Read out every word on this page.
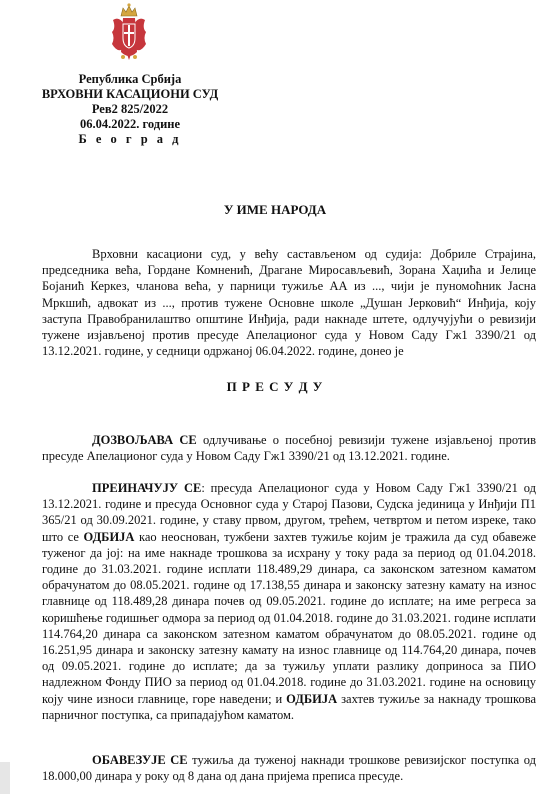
Република Србија
ВРХОВНИ КАСАЦИОНИ СУД
Рев2 825/2022
06.04.2022. године
Б е о г р а д
У ИМЕ НАРОДА

Врховни касациони суд, у већу састављеном од судија: Добриле Страјина, председника већа, Гордане Комненић, Драгане Миросављевић, Зорана Хаџића и Јелице Бојанић Керкез, чланова већа, у парници тужиље АА из ..., чији је пуномоћник Јасна Мркшић, адвокат из ..., против тужене Основне школе „Душан Јерковић“ Инђија, коју заступа Правобранилаштво општине Инђија, ради накнаде штете, одлучујући о ревизији тужене изјављеној против пресуде Апелационог суда у Новом Саду Гж1 3390/21 од 13.12.2021. године, у седници одржаној 06.04.2022. године, донео је

П Р Е С У Д У

ДОЗВОЉАВА СЕ одлучивање о посебној ревизији тужене изјављеној против пресуде Апелационог суда у Новом Саду Гж1 3390/21 од 13.12.2021. године.

ПРЕИНАЧУЈУ СЕ: пресуда Апелационог суда у Новом Саду Гж1 3390/21 од 13.12.2021. године и пресуда Основног суда у Старој Пазови, Судска јединица у Инђији П1 365/21 од 30.09.2021. године, у ставу првом, другом, трећем, четвртом и петом изреке, тако што се ОДБИЈА као неоснован, тужбени захтев тужиље којим је тражила да суд обавеже туженог да јој: на име накнаде трошкова за исхрану у току рада за период од 01.04.2018. године до 31.03.2021. године исплати 118.489,29 динара, са законском затезном каматом обрачунатом до 08.05.2021. године од 17.138,55 динара и законску затезну камату на износ главнице од 118.489,28 динара почев од 09.05.2021. године до исплате; на име регреса за коришћење годишњег одмора за период од 01.04.2018. године до 31.03.2021. године исплати 114.764,20 динара са законском затезном каматом обрачунатом до 08.05.2021. године од 16.251,95 динара и законску затезну камату на износ главнице од 114.764,20 динара, почев од 09.05.2021. године до исплате; да за тужиљу уплати разлику доприноса за ПИО надлежном Фонду ПИО за период од 01.04.2018. године до 31.03.2021. године на основицу коју чине износи главнице, горе наведени; и ОДБИЈА захтев тужиље за накнаду трошкова парничног поступка, са припадајућом каматом.

ОБАВЕЗУЈЕ СЕ тужиља да туженој накнади трошкове ревизијског поступка од 18.000,00 динара у року од 8 дана од дана пријема преписа пресуде.
